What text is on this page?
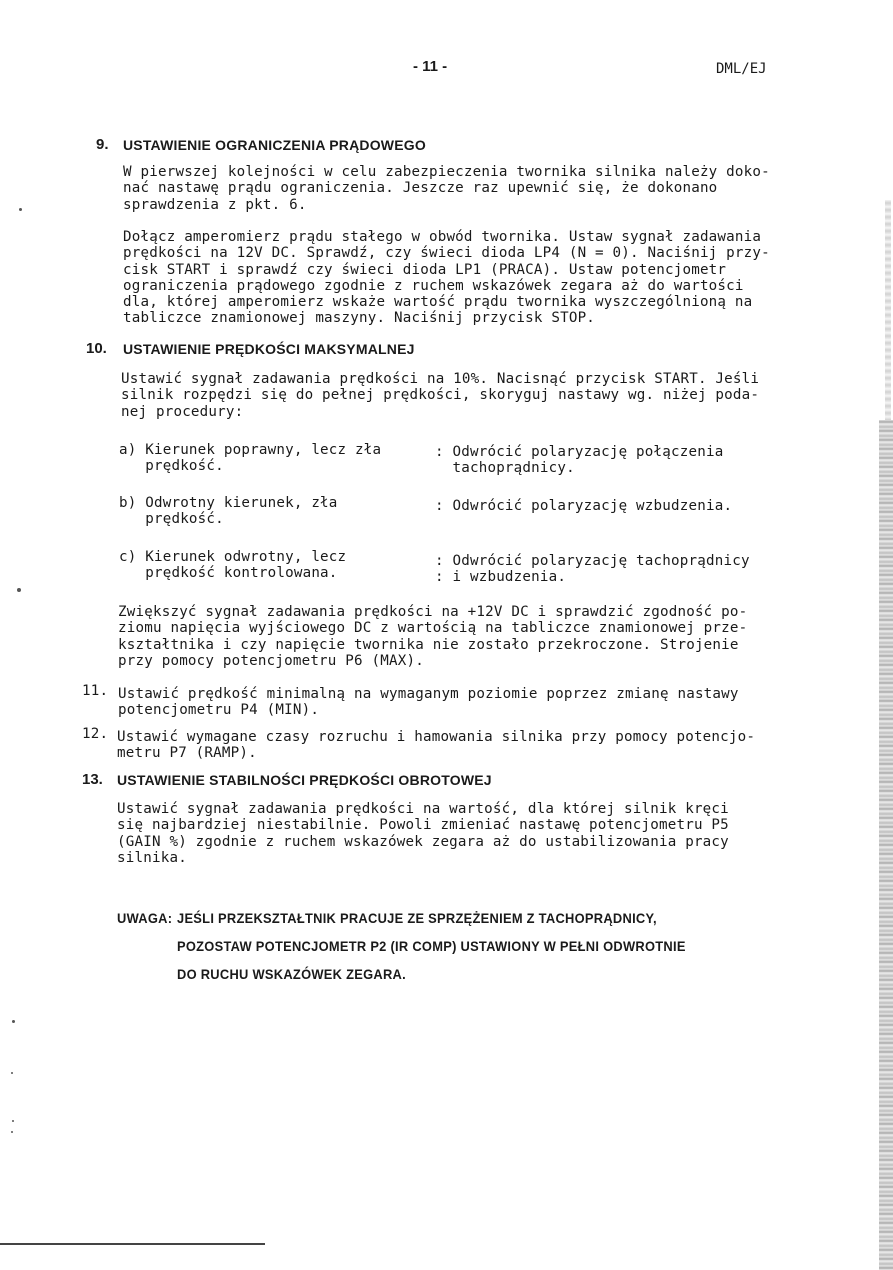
- 11 -	DML/EJ
9. USTAWIENIE OGRANICZENIA PRĄDOWEGO
W pierwszej kolejności w celu zabezpieczenia twornika silnika należy doko-
nać nastawę prądu ograniczenia. Jeszcze raz upewnić się, że dokonano
sprawdzenia z pkt. 6.
Dołącz amperomierz prądu stałego w obwód twornika. Ustaw sygnał zadawania
prędkości na 12V DC. Sprawdź, czy świeci dioda LP4 (N = 0). Naciśnij przy-
cisk START i sprawdź czy świeci dioda LP1 (PRACA). Ustaw potencjometr
ograniczenia prądowego zgodnie z ruchem wskazówek zegara aż do wartości
dla, której amperomierz wskaże wartość prądu twornika wyszczególnioną na
tabliczce znamionowej maszyny. Naciśnij przycisk STOP.
10. USTAWIENIE PRĘDKOŚCI MAKSYMALNEJ
Ustawić sygnał zadawania prędkości na 10%. Nacisnąć przycisk START. Jeśli
silnik rozpędzi się do pełnej prędkości, skoryguj nastawy wg. niżej poda-
nej procedury:
a) Kierunek poprawny, lecz zła
prędkość.
: Odwrócić polaryzację połączenia
tachoprądnicy.
b) Odwrotny kierunek, zła
prędkość.
: Odwrócić polaryzację wzbudzenia.
c) Kierunek odwrotny, lecz
prędkość kontrolowana.
: Odwrócić polaryzację tachoprądnicy
: i wzbudzenia.
Zwiększyć sygnał zadawania prędkości na +12V DC i sprawdzić zgodność po-
ziomu napięcia wyjściowego DC z wartością na tabliczce znamionowej prze-
kształtnika i czy napięcie twornika nie zostało przekroczone. Strojenie
przy pomocy potencjometru P6 (MAX).
11. Ustawić prędkość minimalną na wymaganym poziomie poprzez zmianę nastawy
potencjometru P4 (MIN).
12. Ustawić wymagane czasy rozruchu i hamowania silnika przy pomocy potencjo-
metru P7 (RAMP).
13. USTAWIENIE STABILNOŚCI PRĘDKOŚCI OBROTOWEJ
Ustawić sygnał zadawania prędkości na wartość, dla której silnik kręci
się najbardziej niestabilnie. Powoli zmieniać nastawę potencjometru P5
(GAIN %) zgodnie z ruchem wskazówek zegara aż do ustabilizowania pracy
silnika.
UWAGA: JEŚLI PRZEKSZTAŁTNIK PRACUJE ZE SPRZĘŻENIEM Z TACHOPRĄDNICY,
POZOSTAW POTENCJOMETR P2 (IR COMP) USTAWIONY W PEŁNI ODWROTNIE
DO RUCHU WSKAZÓWEK ZEGARA.
